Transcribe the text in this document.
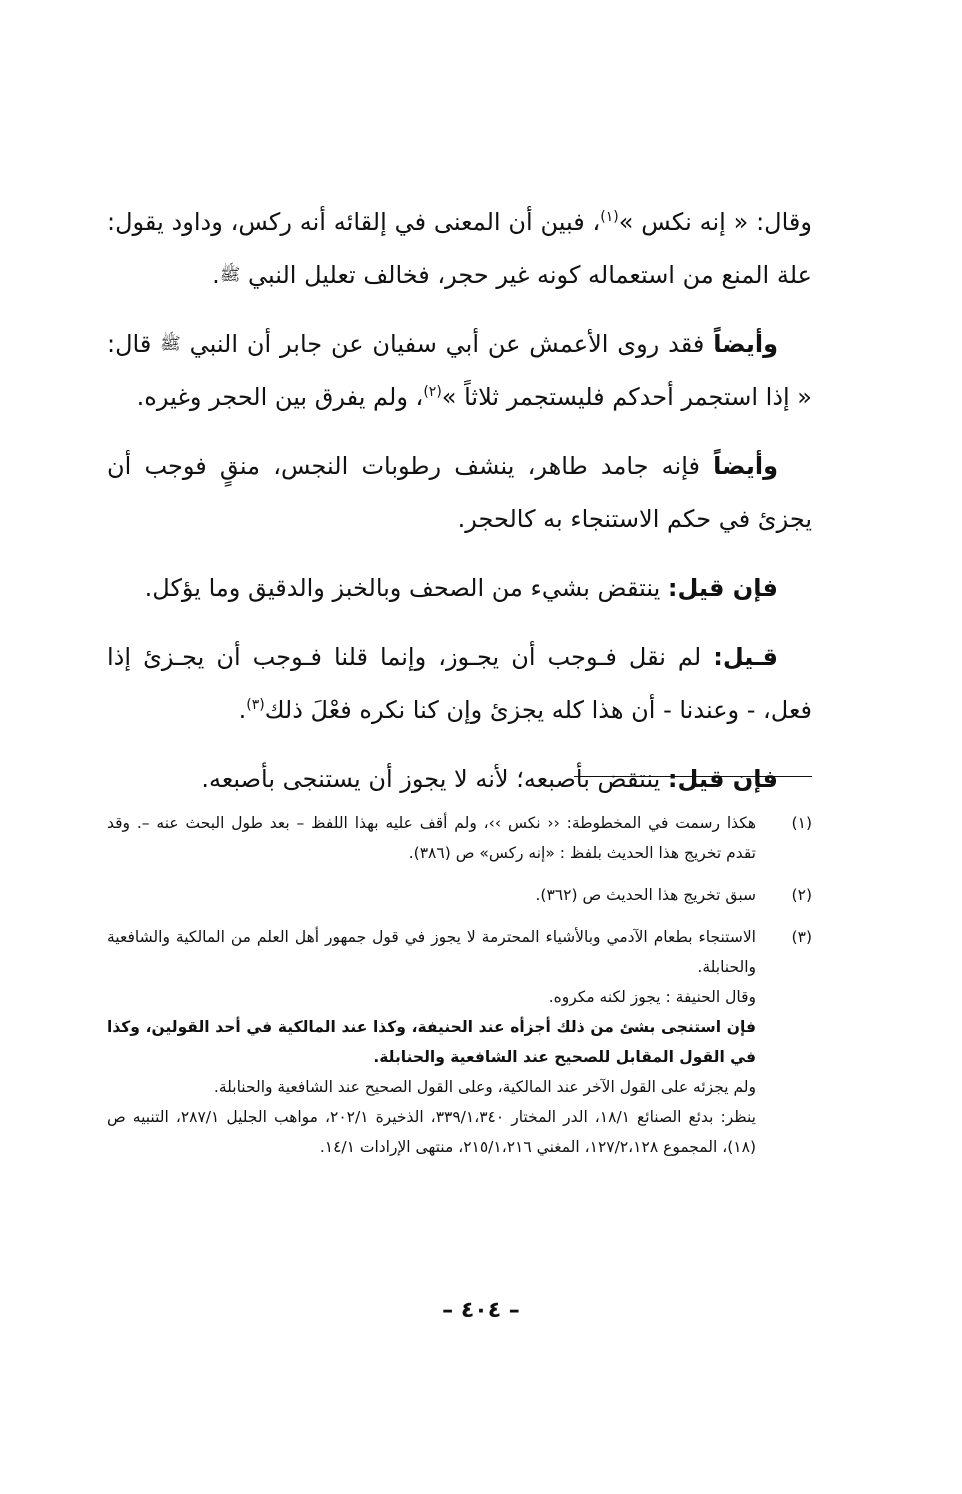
وقال: « إنه نكس »$^{(١)}$، فبين أن المعنى في إلقائه أنه ركس، وداود يقول: علة المنع من استعماله كونه غير حجر، فخالف تعليل النبي ﷺ.

وأيضاً فقد روى الأعمش عن أبي سفيان عن جابر أن النبي ﷺ قال: « إذا استجمر أحدكم فليستجمر ثلاثاً »$^{(٢)}$، ولم يفرق بين الحجر وغيره.

وأيضاً فإنه جامد طاهر، ينشف رطوبات النجس، منقٍ فوجب أن يجزئ في حكم الاستنجاء به كالحجر.

فإن قيل: ينتقض بشيء من الصحف وبالخبز والدقيق وما يؤكل.

قـيل: لم نقل فـوجب أن يجـوز، وإنما قلنا فـوجب أن يجـزئ إذا فعل، - وعندنا - أن هذا كله يجزئ وإن كنا نكره فعْلَ ذلك$^{(٣)}$.

فإن قيل: ينتقض بأصبعه؛ لأنه لا يجوز أن يستنجى بأصبعه.

(١)
هكذا رسمت في المخطوطة: ‹‹ نكس ››، ولم أقف عليه بهذا اللفظ – بعد طول البحث عنه –. وقد تقدم تخريج هذا الحديث بلفظ : «إنه ركس» ص (٣٨٦).
(٢)
سبق تخريج هذا الحديث ص (٣٦٢).
(٣)
الاستنجاء بطعام الآدمي وبالأشياء المحترمة لا يجوز في قول جمهور أهل العلم من المالكية والشافعية والحنابلة.
وقال الحنيفة : يجوز لكنه مكروه.
فإن استنجى بشئ من ذلك أجزأه عند الحنيفة، وكذا عند المالكية في أحد القولين، وكذا في القول المقابل للصحيح عند الشافعية والحنابلة.
ولم يجزئه على القول الآخر عند المالكية، وعلى القول الصحيح عند الشافعية والحنابلة.
ينظر: بدئع الصنائع ١٨/١، الدر المختار ٣٣٩/١،٣٤٠، الذخيرة ٢٠٢/١، مواهب الجليل ٢٨٧/١، التنبيه ص (١٨)، المجموع ١٢٧/٢،١٢٨، المغني ٢١٥/١،٢١٦، منتهى الإرادات ١٤/١.
– ٤٠٤ –
